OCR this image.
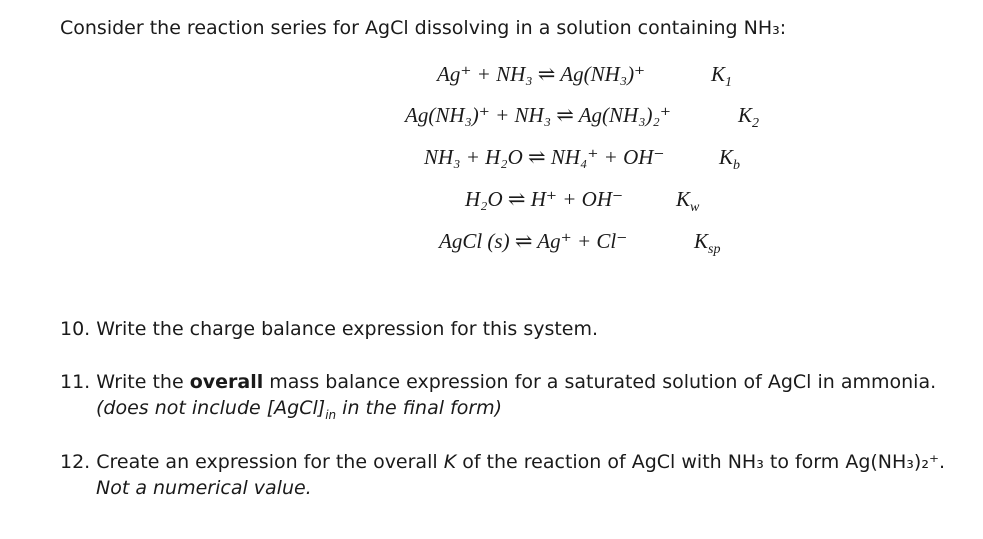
Consider the reaction series for AgCl dissolving in a solution containing NH₃:
Ag⁺ + NH₃ ⇌ Ag(NH₃)⁺	$K_1$
Ag(NH₃)⁺ + NH₃ ⇌ Ag(NH₃)₂⁺	$K_2$
NH₃ + H₂O ⇌ NH₄⁺ + OH⁻	$K_b$
H₂O ⇌ H⁺ + OH⁻	$K_w$
AgCl (s) ⇌ Ag⁺ + Cl⁻	$K_{sp}$
10. Write the charge balance expression for this system.
11. Write the overall mass balance expression for a saturated solution of AgCl in ammonia.
(does not include $[AgCl]_{in}$ in the final form)
12. Create an expression for the overall K of the reaction of AgCl with NH₃ to form Ag(NH₃)₂⁺.
Not a numerical value.
